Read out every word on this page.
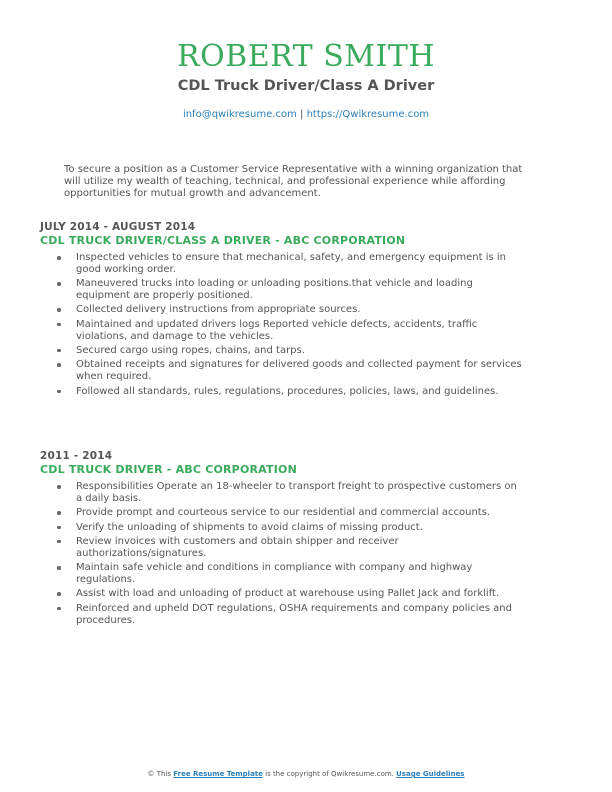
ROBERT SMITH
CDL Truck Driver/Class A Driver
info@qwikresume.com | https://Qwikresume.com
To secure a position as a Customer Service Representative with a winning organization that will utilize my wealth of teaching, technical, and professional experience while affording opportunities for mutual growth and advancement.
JULY 2014 - AUGUST 2014
CDL TRUCK DRIVER/CLASS A DRIVER - ABC CORPORATION
Inspected vehicles to ensure that mechanical, safety, and emergency equipment is in good working order.
Maneuvered trucks into loading or unloading positions.that vehicle and loading equipment are properly positioned.
Collected delivery instructions from appropriate sources.
Maintained and updated drivers logs Reported vehicle defects, accidents, traffic violations, and damage to the vehicles.
Secured cargo using ropes, chains, and tarps.
Obtained receipts and signatures for delivered goods and collected payment for services when required.
Followed all standards, rules, regulations, procedures, policies, laws, and guidelines.
2011 - 2014
CDL TRUCK DRIVER - ABC CORPORATION
Responsibilities Operate an 18-wheeler to transport freight to prospective customers on a daily basis.
Provide prompt and courteous service to our residential and commercial accounts.
Verify the unloading of shipments to avoid claims of missing product.
Review invoices with customers and obtain shipper and receiver authorizations/signatures.
Maintain safe vehicle and conditions in compliance with company and highway regulations.
Assist with load and unloading of product at warehouse using Pallet Jack and forklift.
Reinforced and upheld DOT regulations, OSHA requirements and company policies and procedures.
© This Free Resume Template is the copyright of Qwikresume.com. Usage Guidelines
